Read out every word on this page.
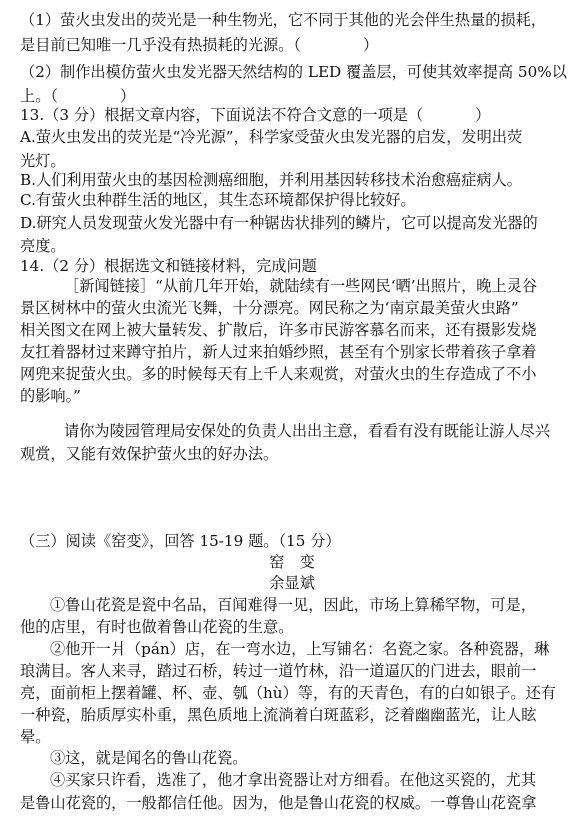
（1）萤火虫发出的荧光是一种生物光，它不同于其他的光会伴生热量的损耗，
是目前已知唯一几乎没有热损耗的光源。（	）
（2）制作出模仿萤火虫发光器天然结构的 LED 覆盖层，可使其效率提高 50%以
上。（	）
13.（3 分）根据文章内容，下面说法不符合文意的一项是（	）
A.萤火虫发出的荧光是“冷光源”，科学家受萤火虫发光器的启发，发明出荧
光灯。
B.人们利用萤火虫的基因检测癌细胞，并利用基因转移技术治愈癌症病人。
C.有萤火虫种群生活的地区，其生态环境都保护得比较好。
D.研究人员发现萤火发光器中有一种锯齿状排列的鳞片，它可以提高发光器的
亮度。
14.（2 分）根据选文和链接材料，完成问题
［新闻链接］“从前几年开始，就陆续有一些网民‘晒’出照片，晚上灵谷
景区树林中的萤火虫流光飞舞，十分漂亮。网民称之为‘南京最美萤火虫路”
相关图文在网上被大量转发、扩散后，许多市民游客慕名而来，还有摄影发烧
友扛着器材过来蹲守拍片，新人过来拍婚纱照，甚至有个别家长带着孩子拿着
网兜来捉萤火虫。多的时候每天有上千人来观赏，对萤火虫的生存造成了不小
的影响。”
请你为陵园管理局安保处的负责人出出主意，看看有没有既能让游人尽兴
观赏，又能有效保护萤火虫的好办法。
（三）阅读《窑变》，回答 15-19 题。（15 分）
窑　变
余显斌
①鲁山花瓷是瓷中名品，百闻难得一见，因此，市场上算稀罕物，可是，
他的店里，有时也做着鲁山花瓷的生意。
②他开一爿（pán）店，在一弯水边，上写铺名：名瓷之家。各种瓷器，琳
琅满目。客人来寻，踏过石桥，转过一道竹林，沿一道逼仄的门进去，眼前一
亮，面前柜上摆着罐、杯、壶、瓠（hù）等，有的天青色，有的白如银子。还有
一种瓷，胎质厚实朴重，黑色质地上流淌着白斑蓝彩，泛着幽幽蓝光，让人眩
晕。
③这，就是闻名的鲁山花瓷。
④买家只许看，选准了，他才拿出瓷器让对方细看。在他这买瓷的，尤其
是鲁山花瓷的，一般都信任他。因为，他是鲁山花瓷的权威。一尊鲁山花瓷拿
